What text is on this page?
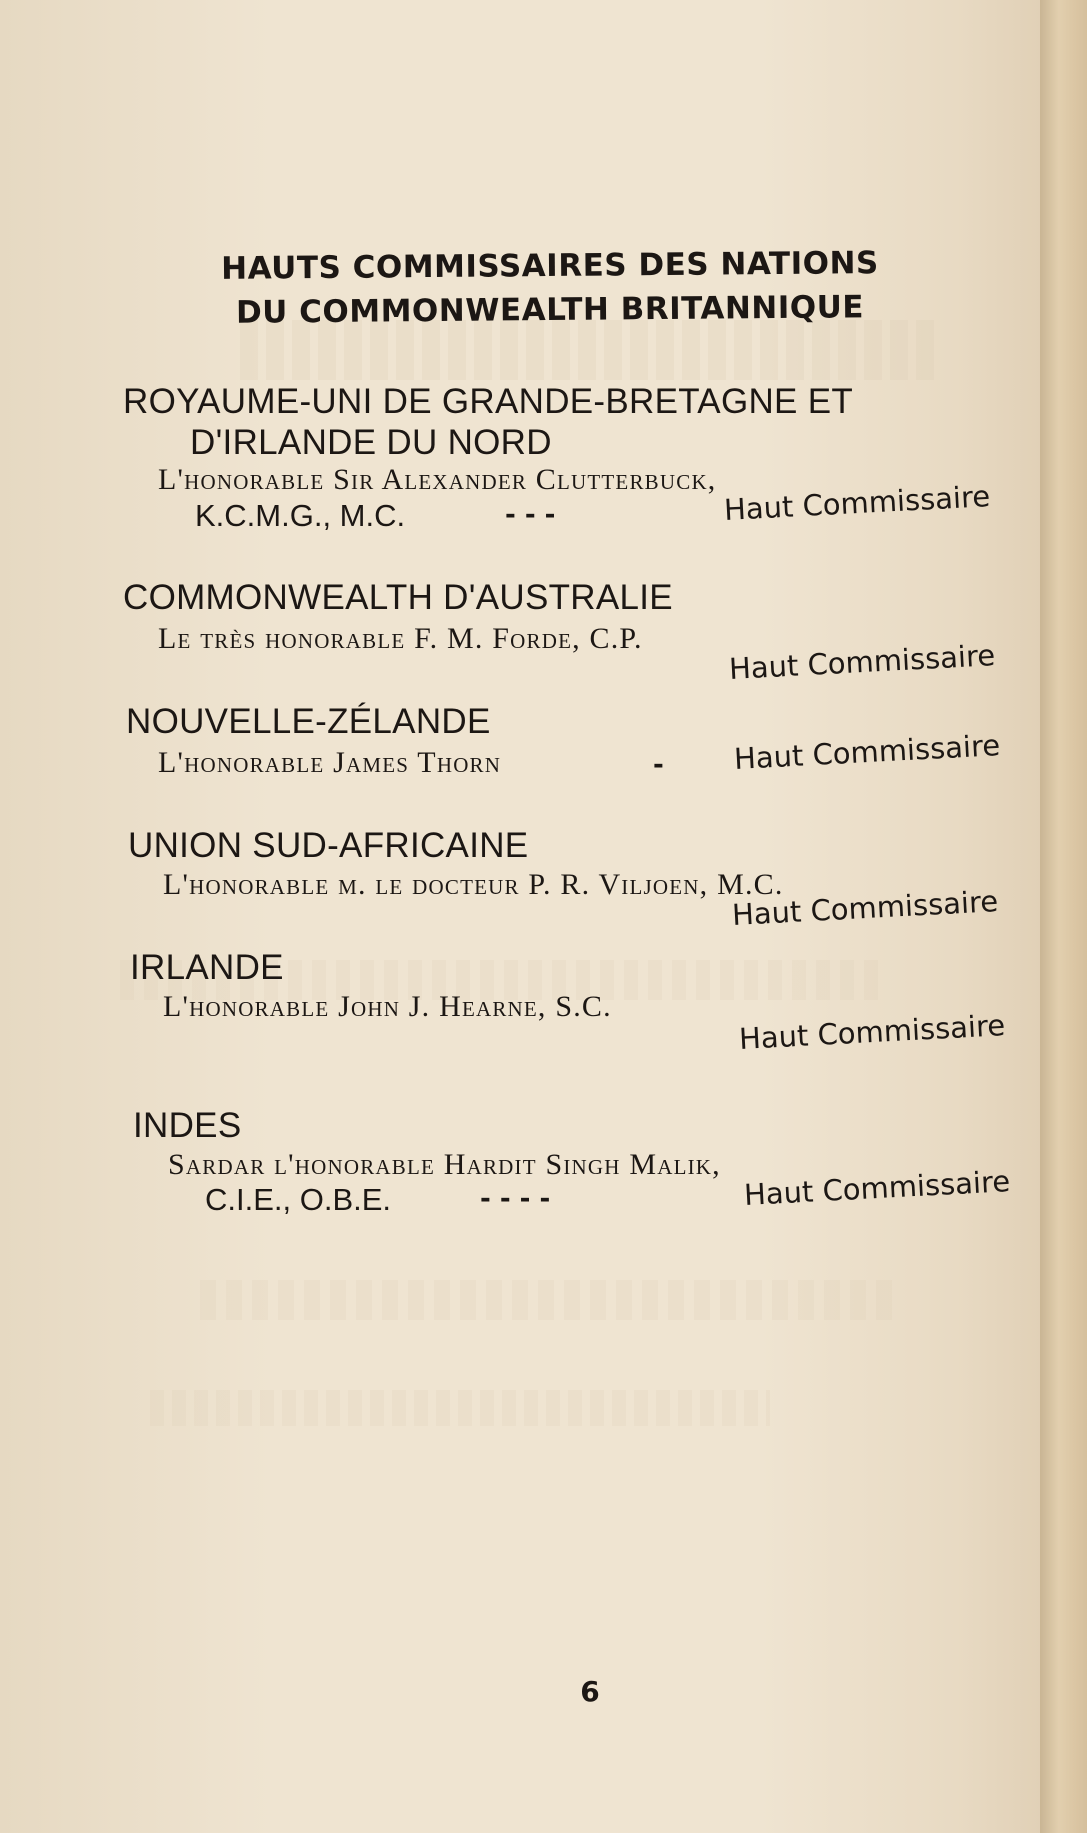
HAUTS COMMISSAIRES DES NATIONS
DU COMMONWEALTH BRITANNIQUE
ROYAUME-UNI DE GRANDE-BRETAGNE ET
D'IRLANDE DU NORD
L'honorable Sir Alexander Clutterbuck,
K.C.M.G., M.C.	- - -	Haut Commissaire
COMMONWEALTH D'AUSTRALIE
Le très honorable F. M. Forde, C.P.	Haut Commissaire
NOUVELLE-ZÉLANDE
L'honorable James Thorn	- Haut Commissaire
UNION SUD-AFRICAINE
L'honorable m. le docteur P. R. Viljoen, M.C.
Haut Commissaire
IRLANDE
L'honorable John J. Hearne, S.C.
Haut Commissaire
INDES
Sardar l'honorable Hardit Singh Malik,
C.I.E., O.B.E.	- - - -	Haut Commissaire
6
